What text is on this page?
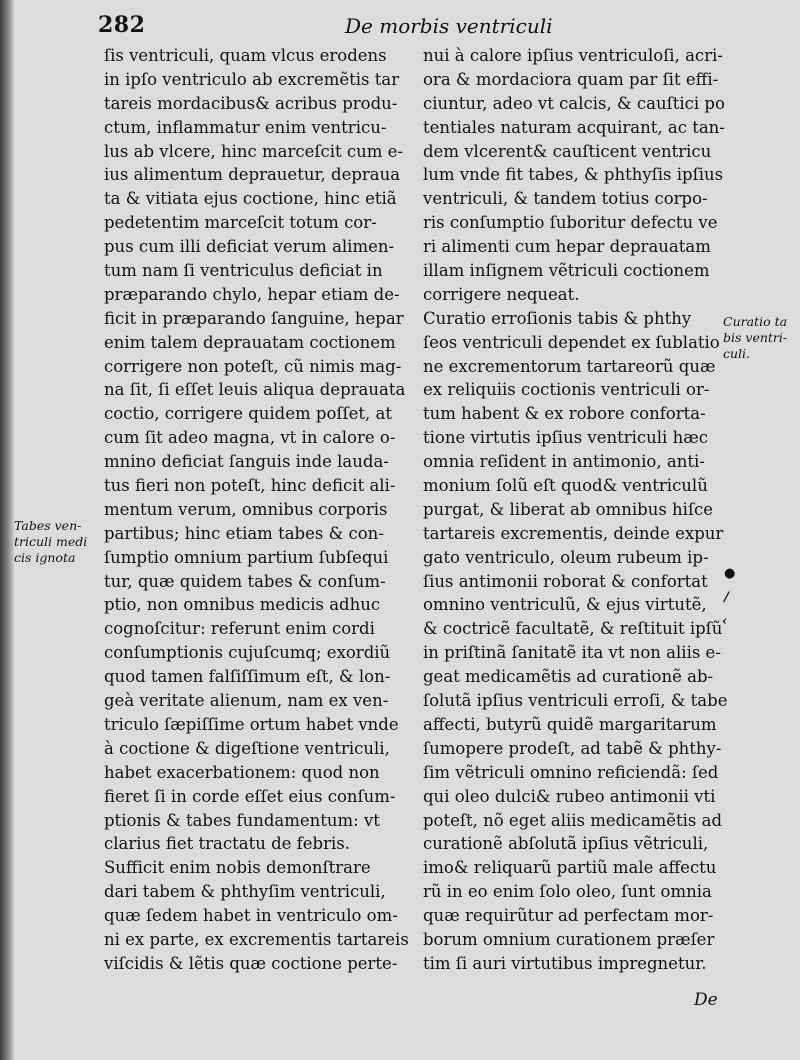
282	De morbis ventriculi
ſis ventriculi, quam vlcus erodens
in ipſo ventriculo ab excremẽtis tar
tareis mordacibus& acribus produ-
ctum, inflammatur enim ventricu-
lus ab vlcere, hinc marceſcit cum e-
ius alimentum deprauetur, deprauа
ta & vitiata ejus coctione, hinc etiã
pedetentim marceſcit totum cor-
pus cum illi deficiat verum alimen-
tum nam ſi ventriculus deficiat in
præparando chylo, hepar etiam de-
ficit in præparando ſanguine, hepar
enim talem deprauatam coctionem
corrigere non poteſt, cũ nimis mag-
na ſit, ſi eſſet leuis aliqua deprauata
coctio, corrigere quidem poſſet, at
cum ſit adeo magna, vt in calore o-
mnino deficiat ſanguis inde lauda-
tus fieri non poteſt, hinc deficit ali-
mentum verum, omnibus corporis
partibus; hinc etiam tabes & con-
ſumptio omnium partium ſubſequi
tur, quæ quidem tabes & conſum-
ptio, non omnibus medicis adhuc
cognoſcitur: referunt enim cordi
conſumptionis cujuſcumq; exordiũ
quod tamen falſiſſimum eſt, & lon-
geà veritate alienum, nam ex ven-
triculo ſæpiſſime ortum habet vnde
à coctione & digeſtione ventriculi,
habet exacerbationem: quod non
fieret ſi in corde eſſet eius conſum-
ptionis & tabes fundamentum: vt
clarius fiet tractatu de febris.
Sufficit enim nobis demonſtrare
dari tabem & phthyſim ventriculi,
quæ ſedem habet in ventriculo om-
ni ex parte, ex excrementis tartareis
viſcidis & lẽtis quæ coctione perte-
nui à calore ipſius ventriculoſi, acri-
ora & mordaciora quam par ſit effi-
ciuntur, adeo vt calcis, & cauſtici po
tentiales naturam acquirant, ac tan-
dem vlcerent& cauſticent ventricu
lum vnde fit tabes, & phthyſis ipſius
ventriculi, & tandem totius corpo-
ris conſumptio ſuboritur defectu ve
ri alimenti cum hepar deprauatam
illam inſignem vẽtriculi coctionem
corrigere nequeat.
Curatio erroſionis tabis & phthy
ſeos ventriculi dependet ex ſublatio
ne excrementorum tartareorũ quæ
ex reliquiis coctionis ventriculi or-
tum habent & ex robore conforta-
tione virtutis ipſius ventriculi hæc
omnia reſident in antimonio, anti-
monium ſolũ eſt quod& ventriculũ
purgat, & liberat ab omnibus hiſce
tartareis excrementis, deinde expur
gato ventriculo, oleum rubeum ip-
ſius antimonii roborat & confortat
omnino ventriculũ, & ejus virtutẽ,
& coctricẽ facultatẽ, & reſtituit ipſũ
in priſtinã ſanitatẽ ita vt non aliis e-
geat medicamẽtis ad curationẽ ab-
ſolutã ipſius ventriculi erroſi, & tabe
affecti, butyrũ quidẽ margaritarum
ſumopere prodeſt, ad tabẽ & phthy-
ſim vẽtriculi omnino reficiendã: ſed
qui oleo dulci& rubeo antimonii vti
poteſt, nõ eget aliis medicamẽtis ad
curationẽ abſolutã ipſius vẽtriculi,
imo& reliquarũ partiũ male affectu
rũ in eo enim ſolo oleo, ſunt omnia
quæ requirũtur ad perfectam mor-
borum omnium curationem præſer
tim ſi auri virtutibus impregnetur.
Tabes ven-
triculi medi
cis ignota
Curatio ta
bis ventri-
culi.
●
/
‹
De
